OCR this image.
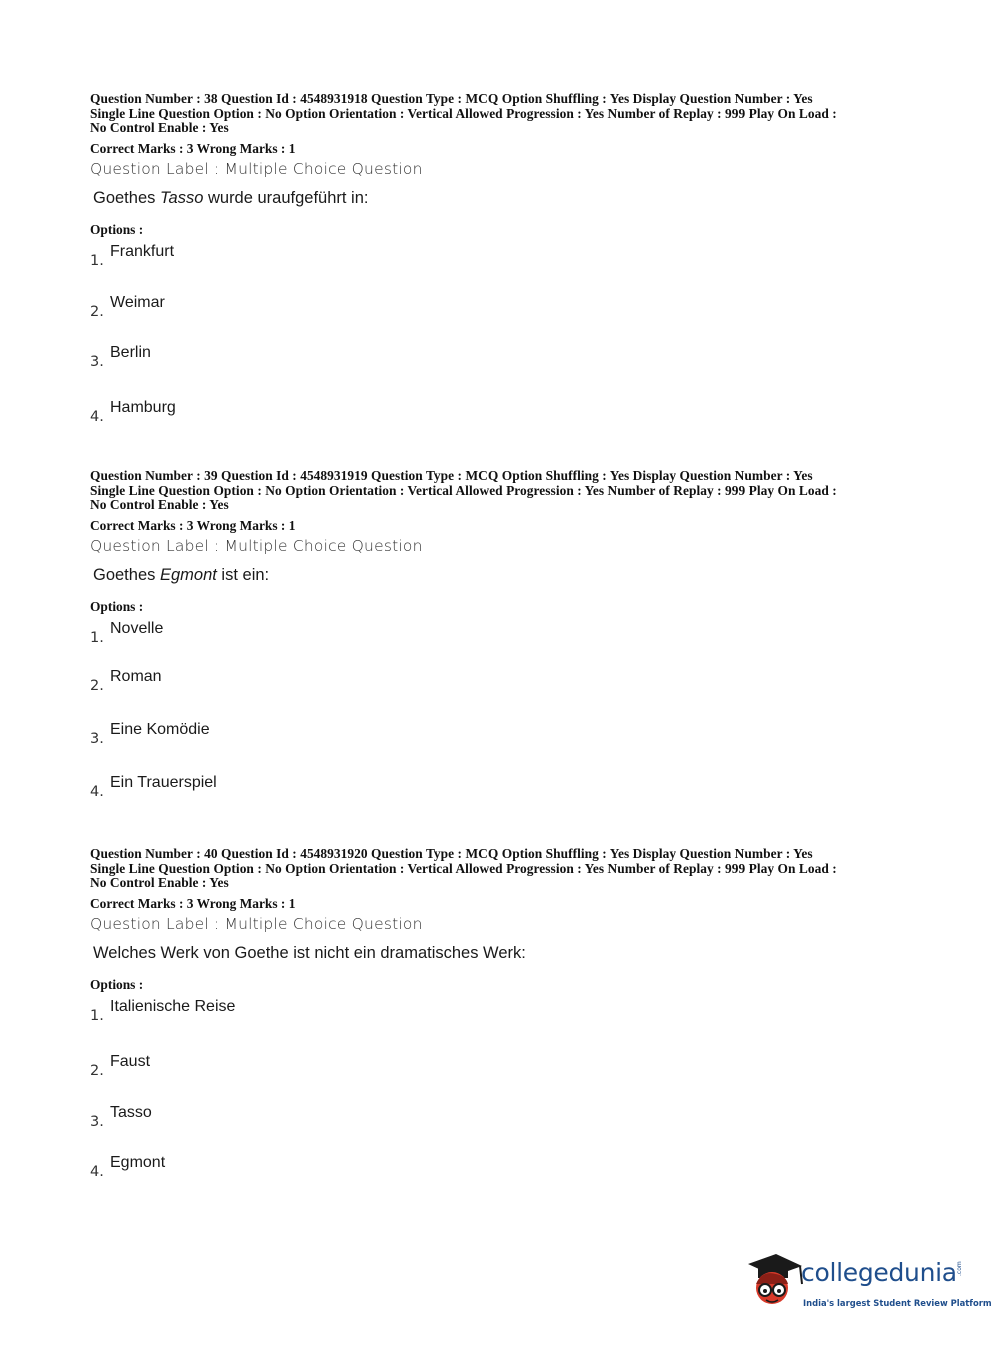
Question Number : 38 Question Id : 4548931918 Question Type : MCQ Option Shuffling : Yes Display Question Number : Yes

Single Line Question Option : No Option Orientation : Vertical Allowed Progression : Yes Number of Replay : 999 Play On Load :

No Control Enable : Yes

Correct Marks : 3 Wrong Marks : 1
Question Label : Multiple Choice Question
Goethes Tasso wurde uraufgeführt in:
Options :
1.
Frankfurt
2.
Weimar
3.
Berlin
4.
Hamburg

Question Number : 39 Question Id : 4548931919 Question Type : MCQ Option Shuffling : Yes Display Question Number : Yes

Single Line Question Option : No Option Orientation : Vertical Allowed Progression : Yes Number of Replay : 999 Play On Load :

No Control Enable : Yes

Correct Marks : 3 Wrong Marks : 1
Question Label : Multiple Choice Question
Goethes Egmont ist ein:
Options :
1.
Novelle
2.
Roman
3.
Eine Komödie
4.
Ein Trauerspiel

Question Number : 40 Question Id : 4548931920 Question Type : MCQ Option Shuffling : Yes Display Question Number : Yes

Single Line Question Option : No Option Orientation : Vertical Allowed Progression : Yes Number of Replay : 999 Play On Load :

No Control Enable : Yes

Correct Marks : 3 Wrong Marks : 1
Question Label : Multiple Choice Question
Welches Werk von Goethe ist nicht ein dramatisches Werk:
Options :
1.
Italienische Reise
2.
Faust
3.
Tasso
4.
Egmont
collegedunia .com
India's largest Student Review Platform
